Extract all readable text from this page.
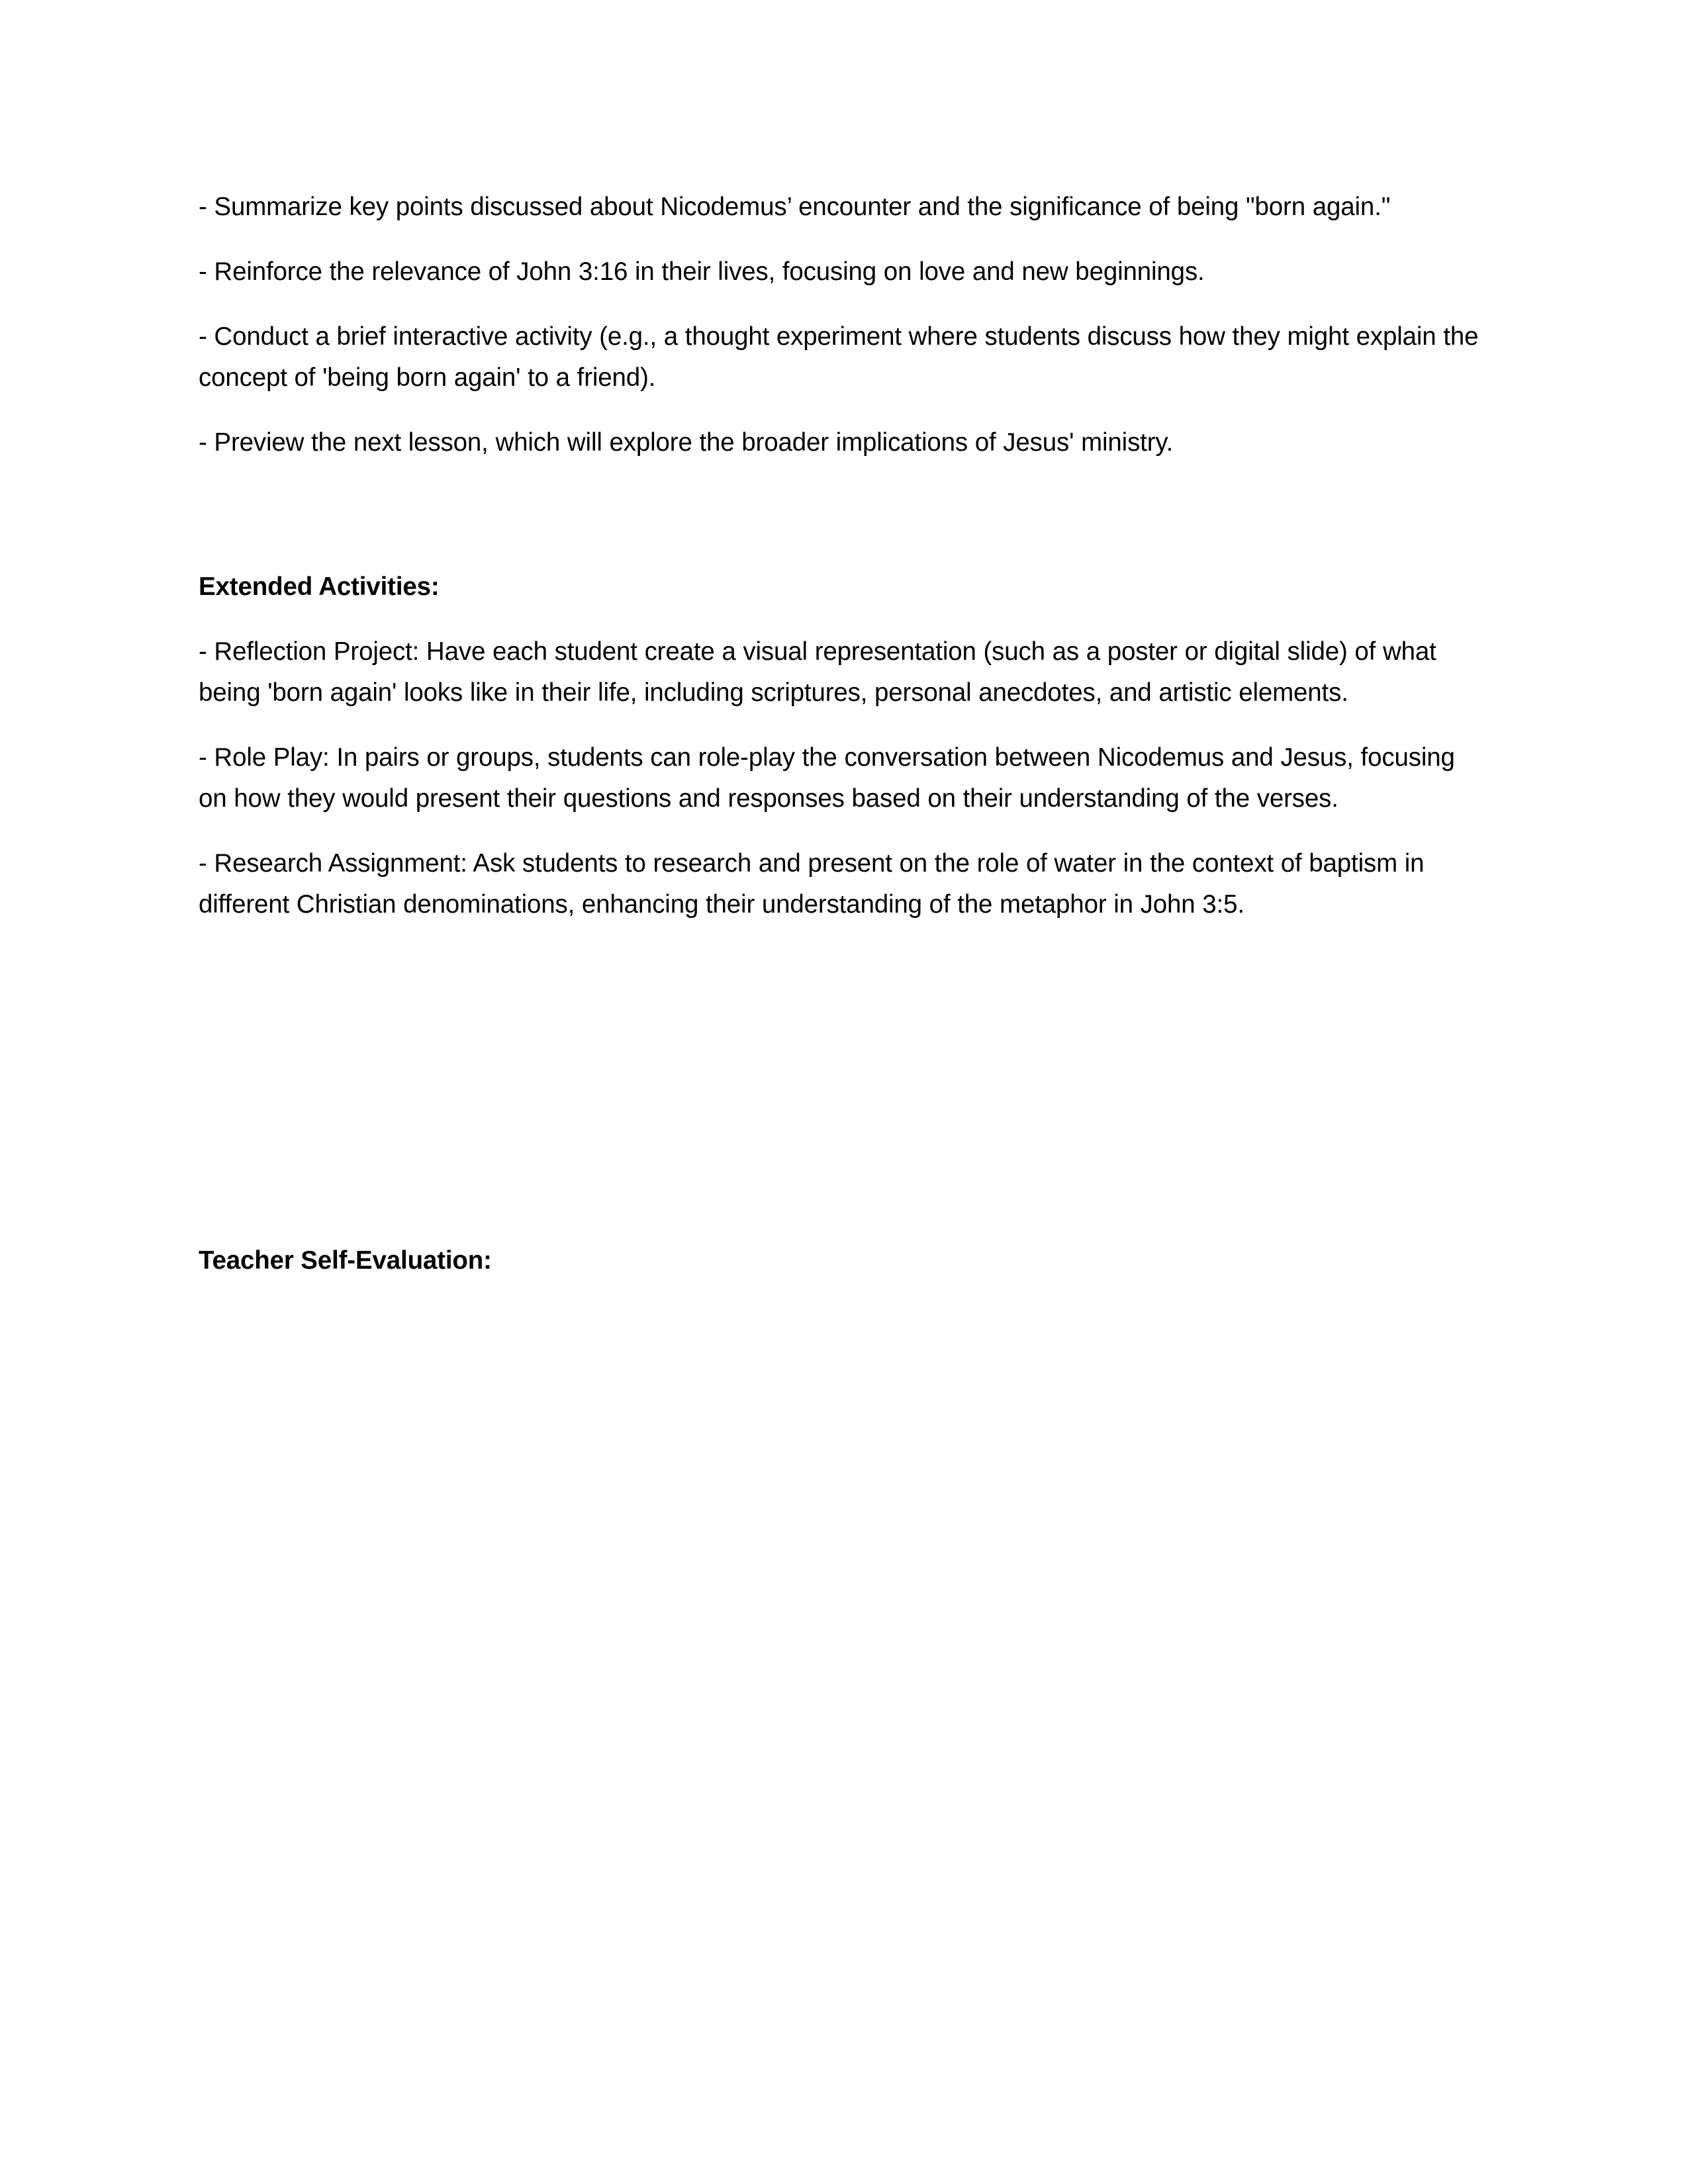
- Summarize key points discussed about Nicodemus’ encounter and the significance of being "born again."

- Reinforce the relevance of John 3:16 in their lives, focusing on love and new beginnings.

- Conduct a brief interactive activity (e.g., a thought experiment where students discuss how they might explain the concept of 'being born again' to a friend).

- Preview the next lesson, which will explore the broader implications of Jesus' ministry.

Extended Activities:

- Reflection Project: Have each student create a visual representation (such as a poster or digital slide) of what being 'born again' looks like in their life, including scriptures, personal anecdotes, and artistic elements.

- Role Play: In pairs or groups, students can role-play the conversation between Nicodemus and Jesus, focusing on how they would present their questions and responses based on their understanding of the verses.

- Research Assignment: Ask students to research and present on the role of water in the context of baptism in different Christian denominations, enhancing their understanding of the metaphor in John 3:5.

Teacher Self-Evaluation:
